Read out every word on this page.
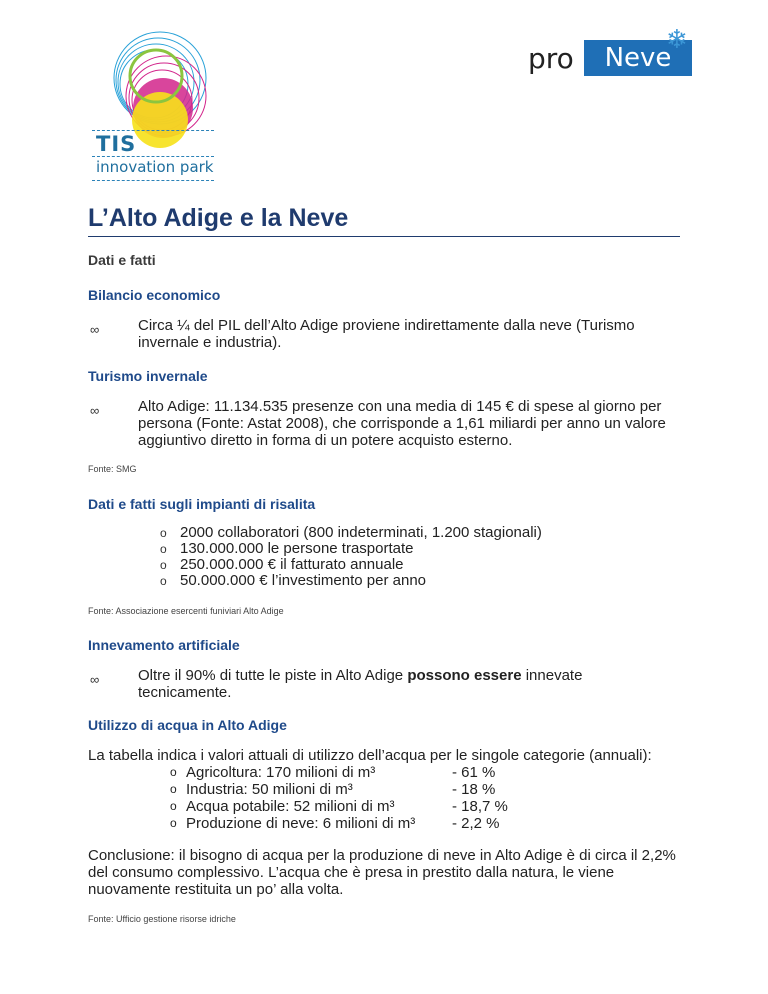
TIS
innovation park
pro	Neve
❄
L’Alto Adige e la Neve
Dati e fatti
Bilancio economico
∞	Circa ¼ del PIL dell’Alto Adige proviene indirettamente dalla neve (Turismo invernale e industria).
Turismo invernale
∞	Alto Adige: 11.134.535 presenze con una media di 145 € di spese al giorno per persona (Fonte: Astat 2008), che corrisponde a 1,61 miliardi per anno un valore aggiuntivo diretto in forma di un potere acquisto esterno.
Fonte: SMG
Dati e fatti sugli impianti di risalita
o 2000 collaboratori (800 indeterminati, 1.200 stagionali)
o 130.000.000 le persone trasportate
o 250.000.000 € il fatturato annuale
o 50.000.000 € l’investimento per anno
Fonte: Associazione esercenti funiviari Alto Adige
Innevamento artificiale
∞	Oltre il 90% di tutte le piste in Alto Adige possono essere innevate tecnicamente.
Utilizzo di acqua in Alto Adige
La tabella indica i valori attuali di utilizzo dell’acqua per le singole categorie (annuali):
o Agricoltura: 170 milioni di m³	- 61 %
o Industria: 50 milioni di m³	- 18 %
o Acqua potabile: 52 milioni di m³	- 18,7 %
o Produzione di neve: 6 milioni di m³ - 2,2 %
Conclusione: il bisogno di acqua per la produzione di neve in Alto Adige è di circa il 2,2% del consumo complessivo. L’acqua che è presa in prestito dalla natura, le viene nuovamente restituita un po’ alla volta.
Fonte: Ufficio gestione risorse idriche
